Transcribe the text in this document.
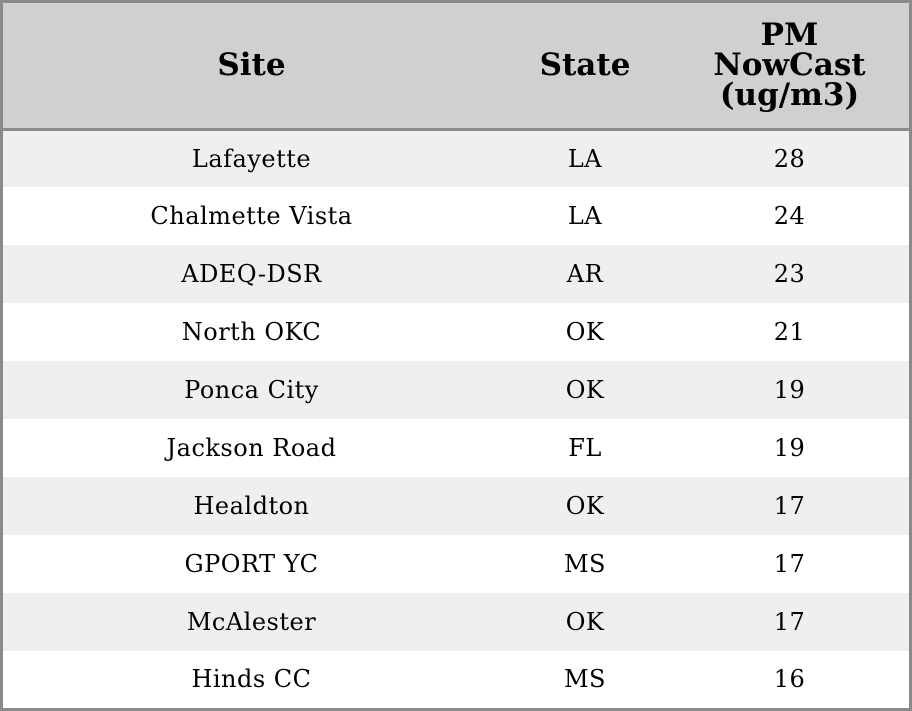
Site	State	PM
NowCast
(ug/m3)

Lafayette	LA	28
Chalmette Vista	LA	24
ADEQ-DSR	AR	23
North OKC	OK	21
Ponca City	OK	19
Jackson Road	FL	19
Healdton	OK	17
GPORT YC	MS	17
McAlester	OK	17
Hinds CC	MS	16
